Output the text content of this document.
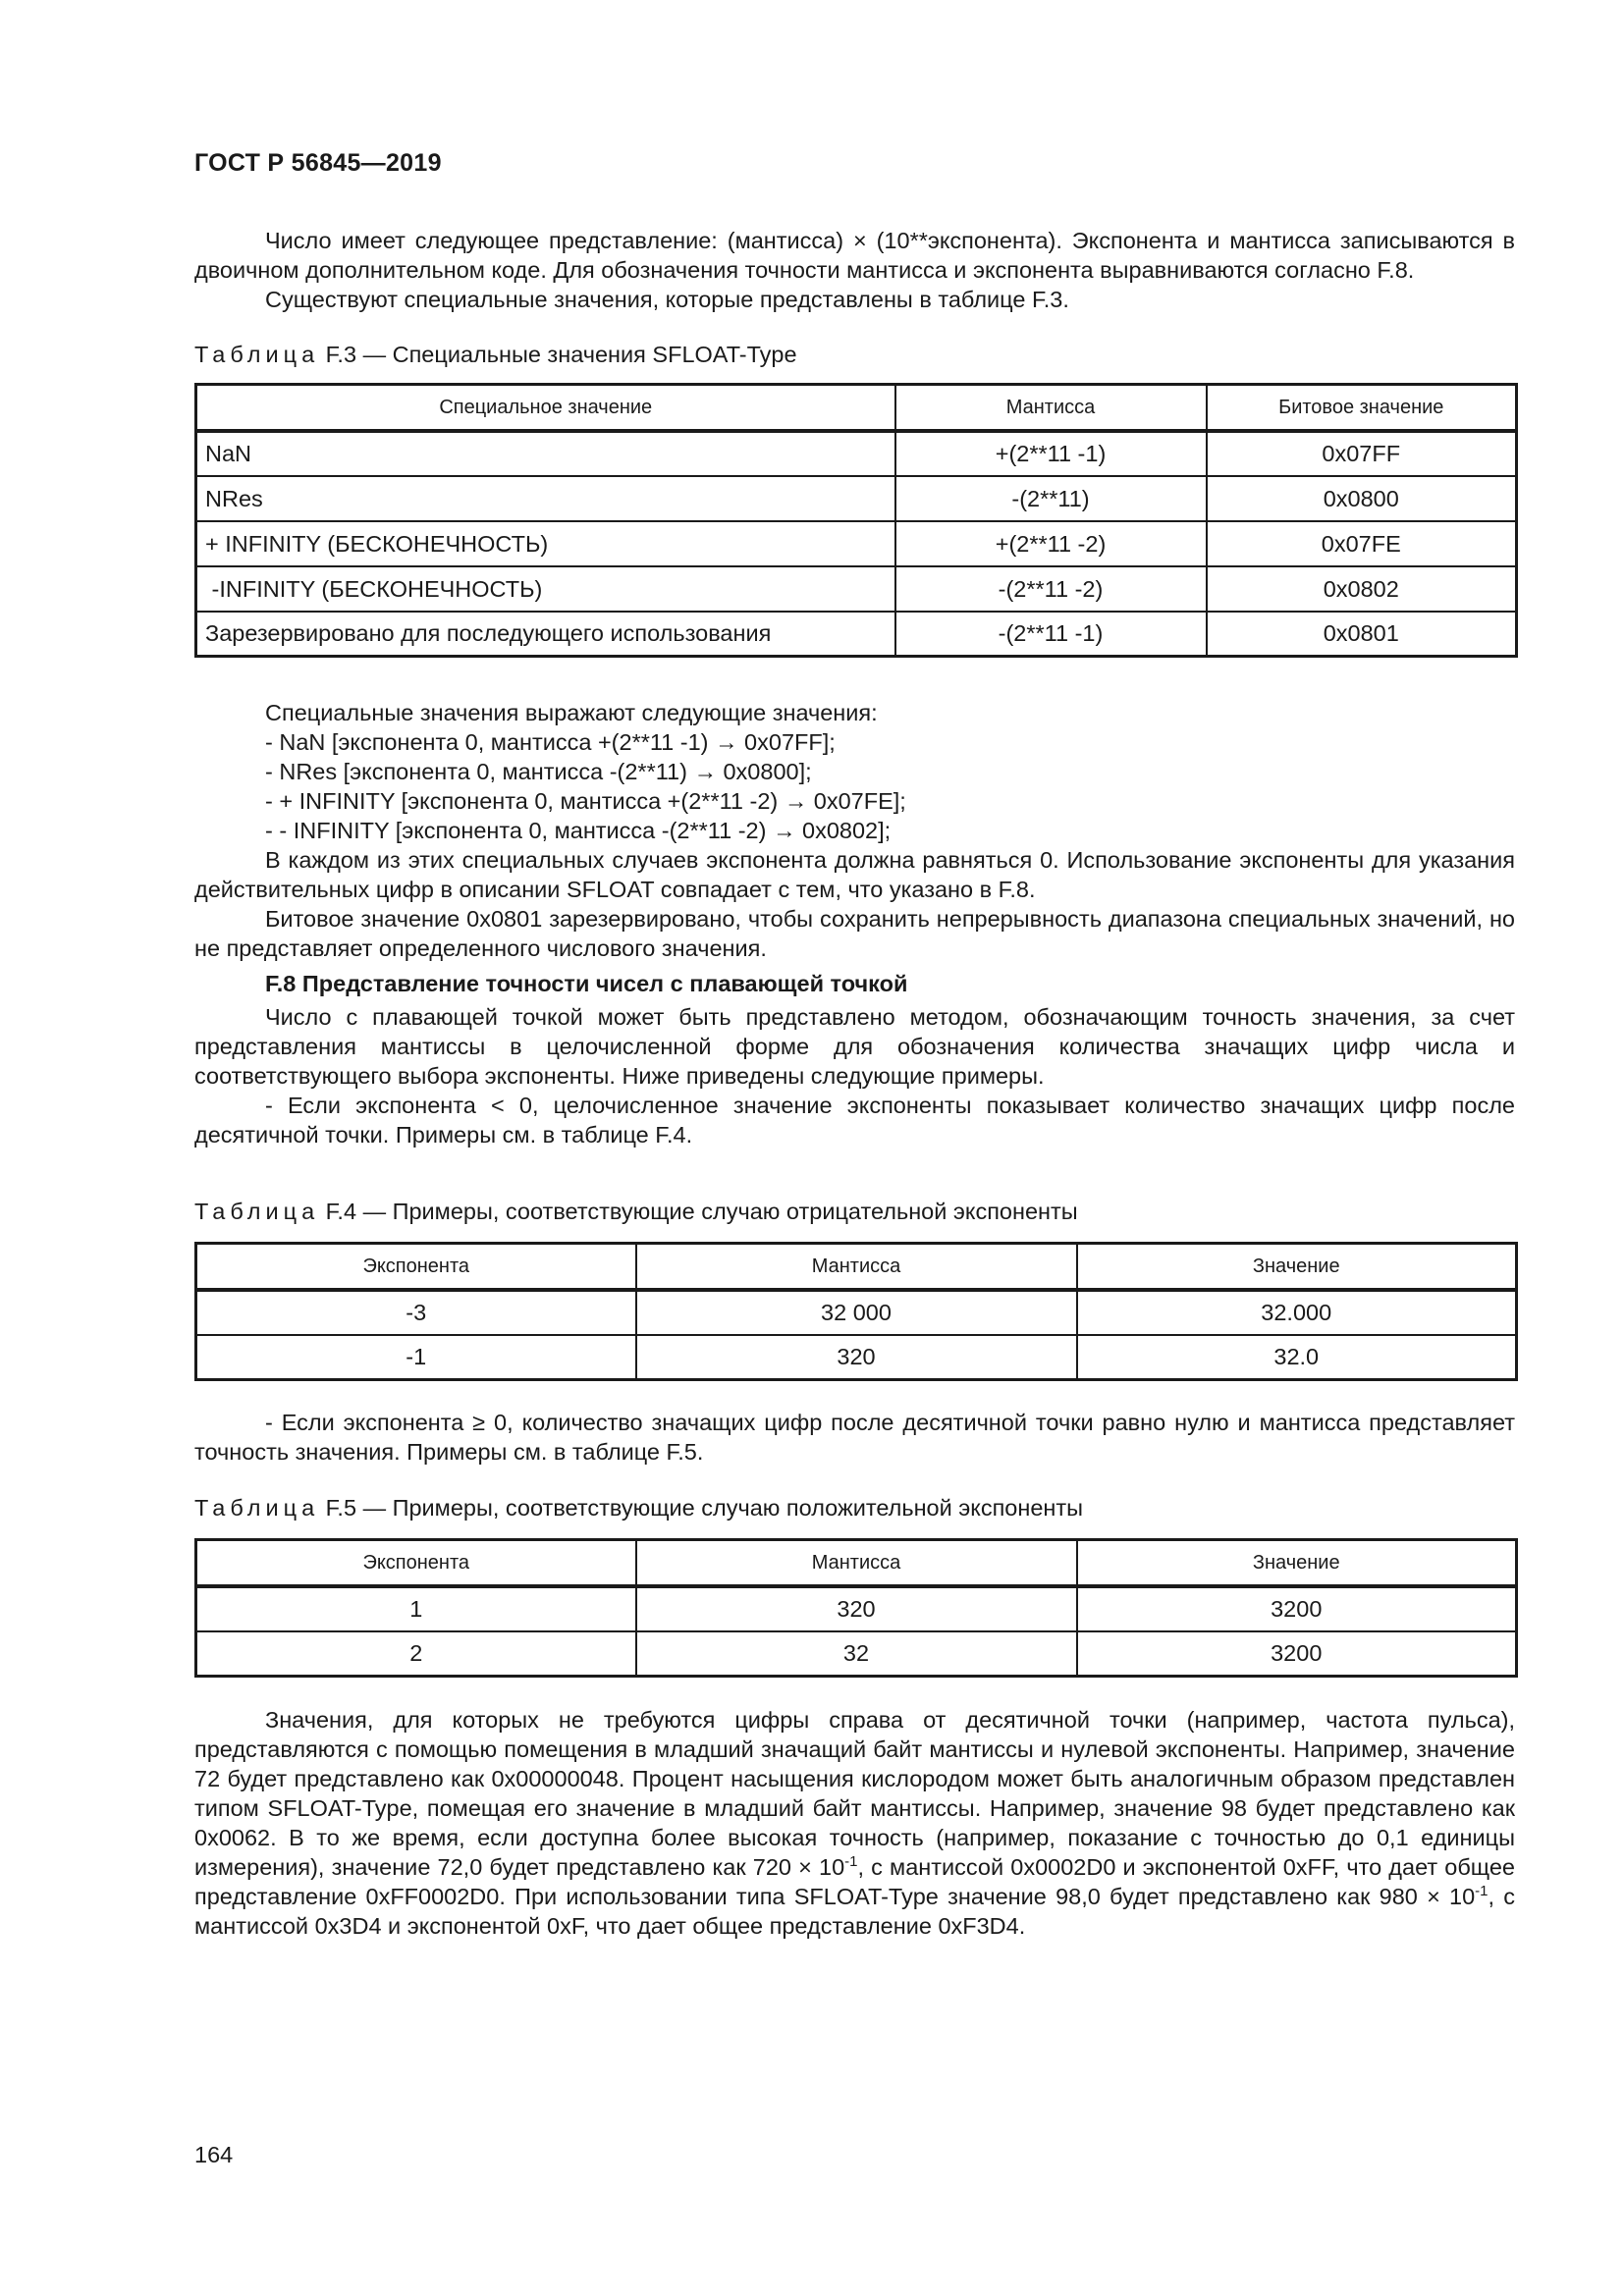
ГОСТ Р 56845—2019

Число имеет следующее представление: (мантисса) × (10**экспонента). Экспонента и мантисса записываются в двоичном дополнительном коде. Для обозначения точности мантисса и экспонента выравниваются согласно F.8.

Существуют специальные значения, которые представлены в таблице F.3.

Таблица F.3 — Специальные значения SFLOAT-Type

Специальное значение	Мантисса	Битовое значение
NaN	+(2**11 -1)	0x07FF
NRes	-(2**11)	0x0800
+ INFINITY (БЕСКОНЕЧНОСТЬ)	+(2**11 -2)	0x07FE
-INFINITY (БЕСКОНЕЧНОСТЬ)	-(2**11 -2)	0x0802
Зарезервировано для последующего использования	-(2**11 -1)	0x0801

Специальные значения выражают следующие значения:

- NaN [экспонента 0, мантисса +(2**11 -1) → 0x07FF];
- NRes [экспонента 0, мантисса -(2**11) → 0x0800];
- + INFINITY [экспонента 0, мантисса +(2**11 -2) → 0x07FE];
- - INFINITY [экспонента 0, мантисса -(2**11 -2) → 0x0802];

В каждом из этих специальных случаев экспонента должна равняться 0. Использование экспоненты для указания действительных цифр в описании SFLOAT совпадает с тем, что указано в F.8.

Битовое значение 0x0801 зарезервировано, чтобы сохранить непрерывность диапазона специальных значений, но не представляет определенного числового значения.

F.8 Представление точности чисел с плавающей точкой

Число с плавающей точкой может быть представлено методом, обозначающим точность значения, за счет представления мантиссы в целочисленной форме для обозначения количества значащих цифр числа и соответствующего выбора экспоненты. Ниже приведены следующие примеры.

- Если экспонента < 0, целочисленное значение экспоненты показывает количество значащих цифр после десятичной точки. Примеры см. в таблице F.4.

Таблица F.4 — Примеры, соответствующие случаю отрицательной экспоненты

Экспонента	Мантисса	Значение
-3	32 000	32.000
-1	320	32.0

- Если экспонента ≥ 0, количество значащих цифр после десятичной точки равно нулю и мантисса представляет точность значения. Примеры см. в таблице F.5.

Таблица F.5 — Примеры, соответствующие случаю положительной экспоненты

Экспонента	Мантисса	Значение
1	320	3200
2	32	3200

Значения, для которых не требуются цифры справа от десятичной точки (например, частота пульса), представляются с помощью помещения в младший значащий байт мантиссы и нулевой экспоненты. Например, значение 72 будет представлено как 0x00000048. Процент насыщения кислородом может быть аналогичным образом представлен типом SFLOAT-Type, помещая его значение в младший байт мантиссы. Например, значение 98 будет представлено как 0x0062. В то же время, если доступна более высокая точность (например, показание с точностью до 0,1 единицы измерения), значение 72,0 будет представлено как $720 \times 10^{-1}$, с мантиссой 0x0002D0 и экспонентой 0xFF, что дает общее представление 0xFF0002D0. При использовании типа SFLOAT-Type значение 98,0 будет представлено как $980 \times 10^{-1}$, с мантиссой 0x3D4 и экспонентой 0xF, что дает общее представление 0xF3D4.

164
